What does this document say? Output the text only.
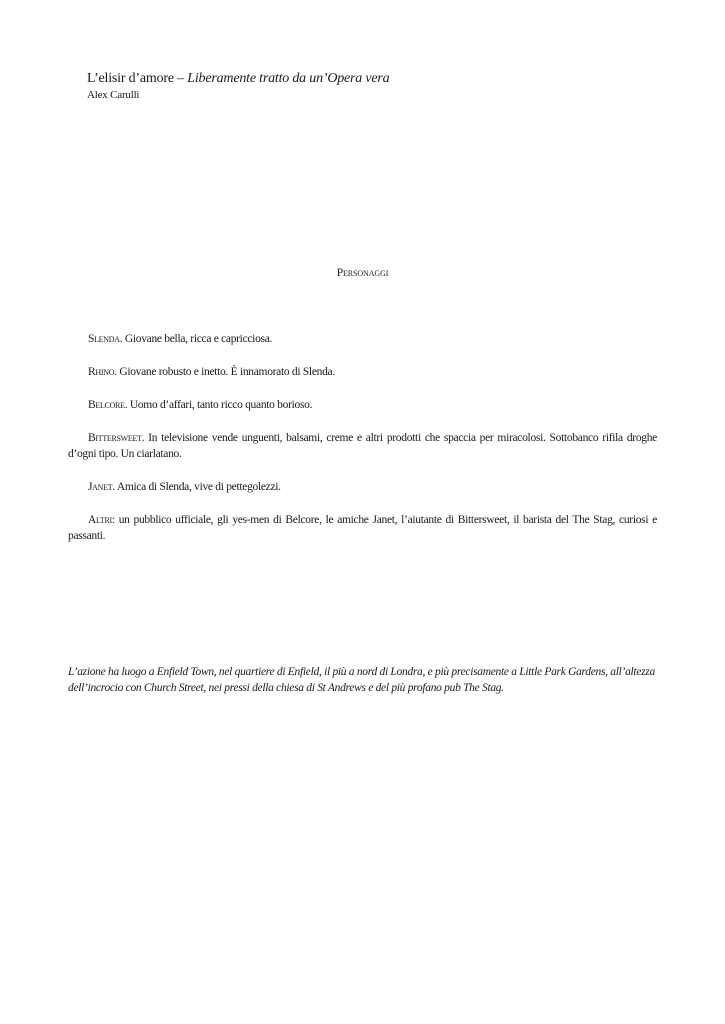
L’elisir d’amore – Liberamente tratto da un’Opera vera
Alex Carulli
Personaggi

Slenda. Giovane bella, ricca e capricciosa.

Rhino. Giovane robusto e inetto. È innamorato di Slenda.

Belcore. Uomo d’affari, tanto ricco quanto borioso.

Bittersweet. In televisione vende unguenti, balsami, creme e altri prodotti che spaccia per miracolosi. Sottobanco rifila droghe d’ogni tipo. Un ciarlatano.

Janet. Amica di Slenda, vive di pettegolezzi.

Altri: un pubblico ufficiale, gli yes-men di Belcore, le amiche Janet, l’aiutante di Bittersweet, il barista del The Stag, curiosi e passanti.

L’azione ha luogo a Enfield Town, nel quartiere di Enfield, il più a nord di Londra, e più precisamente a Little Park Gardens, all’altezza dell’incrocio con Church Street, nei pressi della chiesa di St Andrews e del più profano pub The Stag.
